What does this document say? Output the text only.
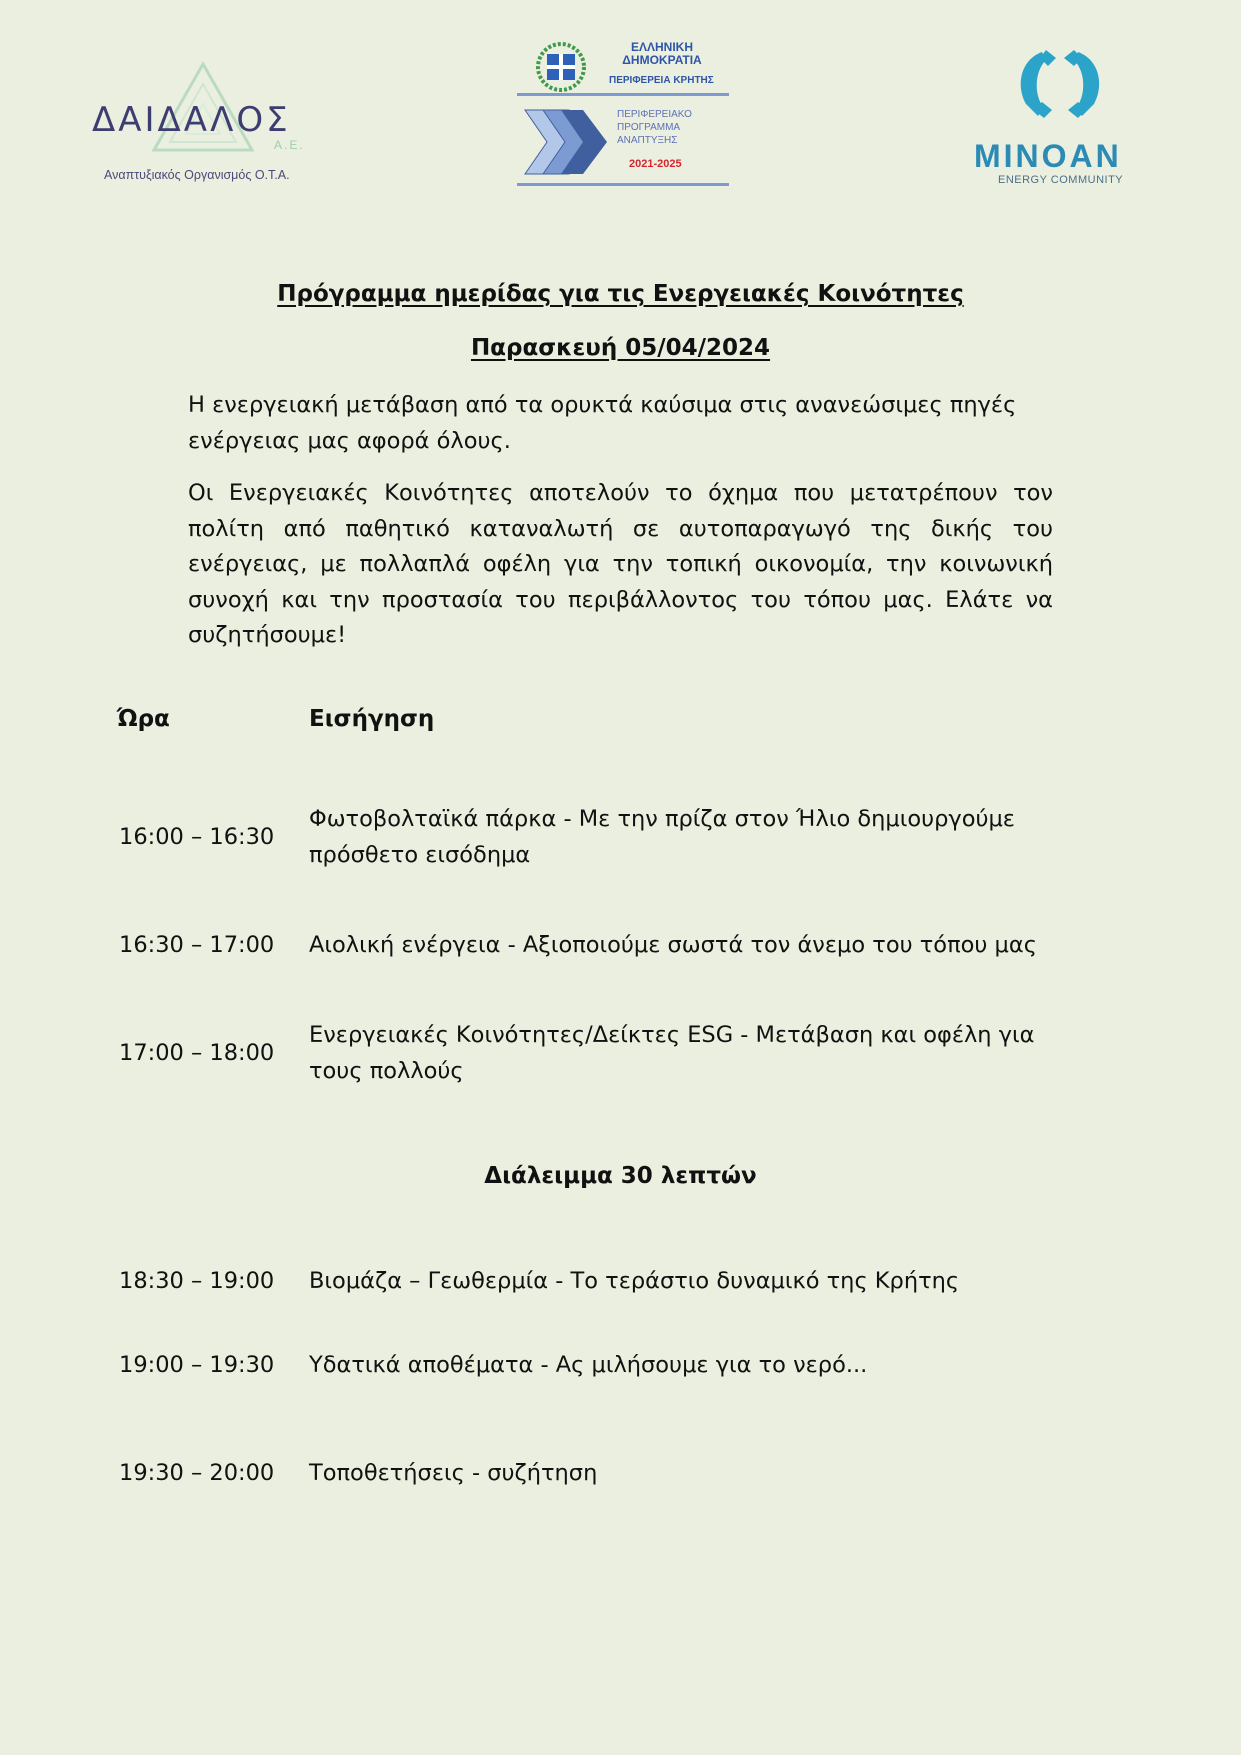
ΔΑΙΔΑΛΟΣ
Α.Ε.
Αναπτυξιακός Οργανισμός Ο.Τ.Α.
ΕΛΛΗΝΙΚΗ
ΔΗΜΟΚΡΑΤΙΑ
ΠΕΡΙΦΕΡΕΙΑ ΚΡΗΤΗΣ
ΠΕΡΙΦΕΡΕΙΑΚΟ
ΠΡΟΓΡΑΜΜΑ
ΑΝΑΠΤΥΞΗΣ
2021-2025	MINOAN
ENERGY COMMUNITY
Πρόγραμμα ημερίδας για τις Ενεργειακές Κοινότητες
Παρασκευή 05/04/2024

Η ενεργειακή μετάβαση από τα ορυκτά καύσιμα στις ανανεώσιμες πηγές ενέργειας μας αφορά όλους.

Οι Ενεργειακές Κοινότητες αποτελούν το όχημα που μετατρέπουν τον πολίτη από παθητικό καταναλωτή σε αυτοπαραγωγό της δικής του ενέργειας, με πολλαπλά οφέλη για την τοπική οικονομία, την κοινωνική συνοχή και την προστασία του περιβάλλοντος του τόπου μας. Ελάτε να συζητήσουμε!

Ώρα	Εισήγηση
16:00 – 16:30
Φωτοβολταϊκά πάρκα - Με την πρίζα στον Ήλιο δημιουργούμε πρόσθετο εισόδημα
16:30 – 17:00 Αιολική ενέργεια - Αξιοποιούμε σωστά τον άνεμο του τόπου μας
17:00 – 18:00
Ενεργειακές Κοινότητες/Δείκτες ESG - Μετάβαση και οφέλη για τους πολλούς
Διάλειμμα 30 λεπτών
18:30 – 19:00 Βιομάζα – Γεωθερμία - Το τεράστιο δυναμικό της Κρήτης
19:00 – 19:30 Υδατικά αποθέματα - Ας μιλήσουμε για το νερό...
19:30 – 20:00 Τοποθετήσεις - συζήτηση
